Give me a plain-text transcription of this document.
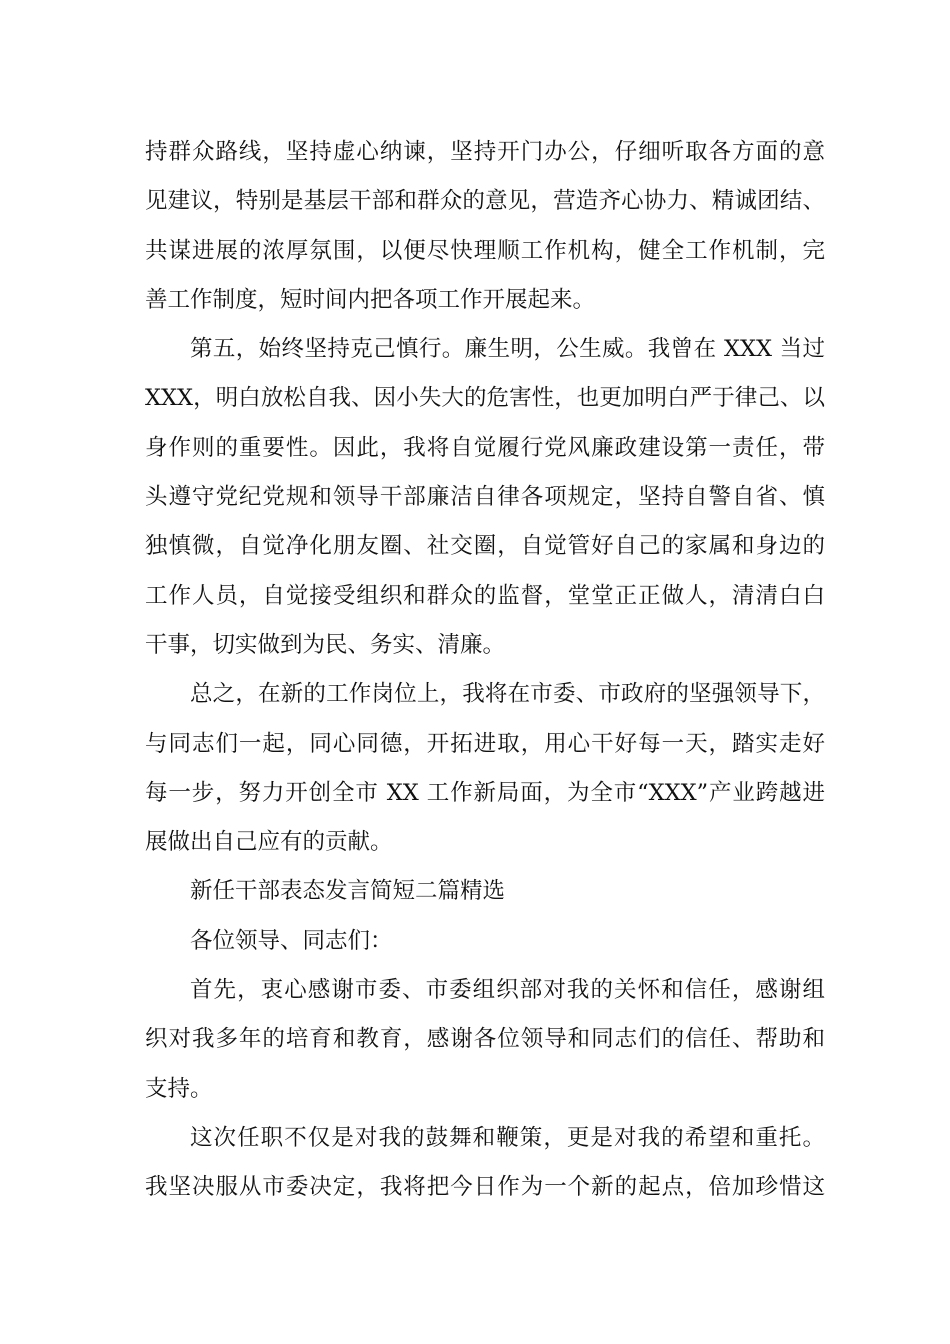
持群众路线，坚持虚心纳谏，坚持开门办公，仔细听取各方面的意
见建议，特别是基层干部和群众的意见，营造齐心协力、精诚团结、
共谋进展的浓厚氛围，以便尽快理顺工作机构，健全工作机制，完
善工作制度，短时间内把各项工作开展起来。
第五，始终坚持克己慎行。廉生明，公生威。我曾在 XXX 当过
XXX，明白放松自我、因小失大的危害性，也更加明白严于律己、以
身作则的重要性。因此，我将自觉履行党风廉政建设第一责任，带
头遵守党纪党规和领导干部廉洁自律各项规定，坚持自警自省、慎
独慎微，自觉净化朋友圈、社交圈，自觉管好自己的家属和身边的
工作人员，自觉接受组织和群众的监督，堂堂正正做人，清清白白
干事，切实做到为民、务实、清廉。
总之，在新的工作岗位上，我将在市委、市政府的坚强领导下，
与同志们一起，同心同德，开拓进取，用心干好每一天，踏实走好
每一步，努力开创全市 XX 工作新局面，为全市“XXX”产业跨越进
展做出自己应有的贡献。
新任干部表态发言简短二篇精选
各位领导、同志们：
首先，衷心感谢市委、市委组织部对我的关怀和信任，感谢组
织对我多年的培育和教育，感谢各位领导和同志们的信任、帮助和
支持。
这次任职不仅是对我的鼓舞和鞭策，更是对我的希望和重托。
我坚决服从市委决定，我将把今日作为一个新的起点，倍加珍惜这
